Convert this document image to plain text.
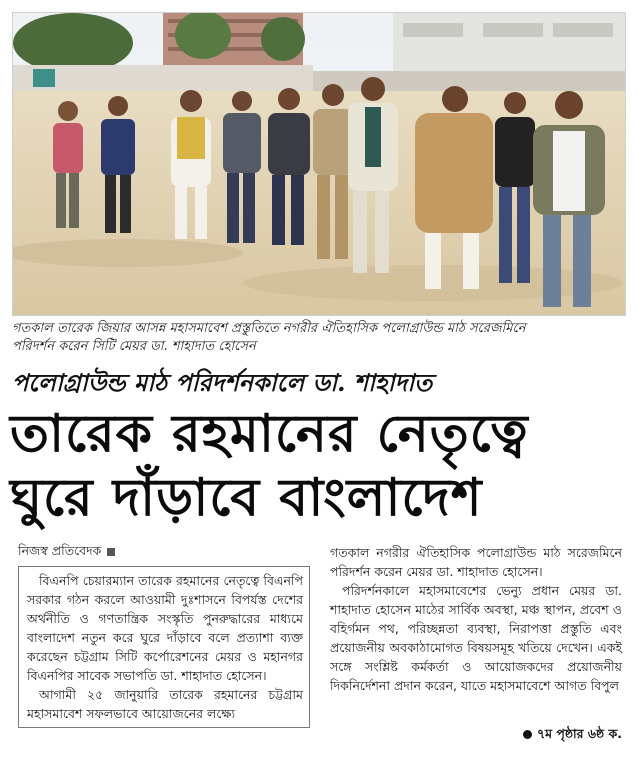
গতকাল তারেক জিয়ার আসন্ন মহাসমাবেশ প্রস্তুতিতে নগরীর ঐতিহাসিক পলোগ্রাউন্ড মাঠ সরেজমিনে
পরিদর্শন করেন সিটি মেয়র ডা. শাহাদাত হোসেন
পলোগ্রাউন্ড মাঠ পরিদর্শনকালে ডা. শাহাদাত
তারেক রহমানের নেতৃত্বে
ঘুরে দাঁড়াবে বাংলাদেশ
নিজস্ব প্রতিবেদক

বিএনপি চেয়ারম্যান তারেক রহমানের নেতৃত্বে বিএনপি সরকার গঠন করলে আওয়ামী দুঃশাসনে বিপর্যস্ত দেশের অর্থনীতি ও গণতান্ত্রিক সংস্কৃতি পুনরুদ্ধারের মাধ্যমে বাংলাদেশ নতুন করে ঘুরে দাঁড়াবে বলে প্রত্যাশা ব্যক্ত করেছেন চট্টগ্রাম সিটি কর্পোরেশনের মেয়র ও মহানগর বিএনপির সাবেক সভাপতি ডা. শাহাদাত হোসেন।

আগামী ২৫ জানুয়ারি তারেক রহমানের চট্টগ্রাম মহাসমাবেশ সফলভাবে আয়োজনের লক্ষ্যে

গতকাল নগরীর ঐতিহাসিক পলোগ্রাউন্ড মাঠ সরেজমিনে পরিদর্শন করেন মেয়র ডা. শাহাদাত হোসেন।

পরিদর্শনকালে মহাসমাবেশের ভেন্যু প্রধান মেয়র ডা. শাহাদাত হোসেন মাঠের সার্বিক অবস্থা, মঞ্চ স্থাপন, প্রবেশ ও বহির্গমন পথ, পরিচ্ছন্নতা ব্যবস্থা, নিরাপত্তা প্রস্তুতি এবং প্রয়োজনীয় অবকাঠামোগত বিষয়সমূহ খতিয়ে দেখেন। একই সঙ্গে সংশ্লিষ্ট কর্মকর্তা ও আয়োজকদের প্রয়োজনীয় দিকনির্দেশনা প্রদান করেন, যাতে মহাসমাবেশে আগত বিপুল

৭ম পৃষ্ঠার ৬ষ্ঠ ক.
